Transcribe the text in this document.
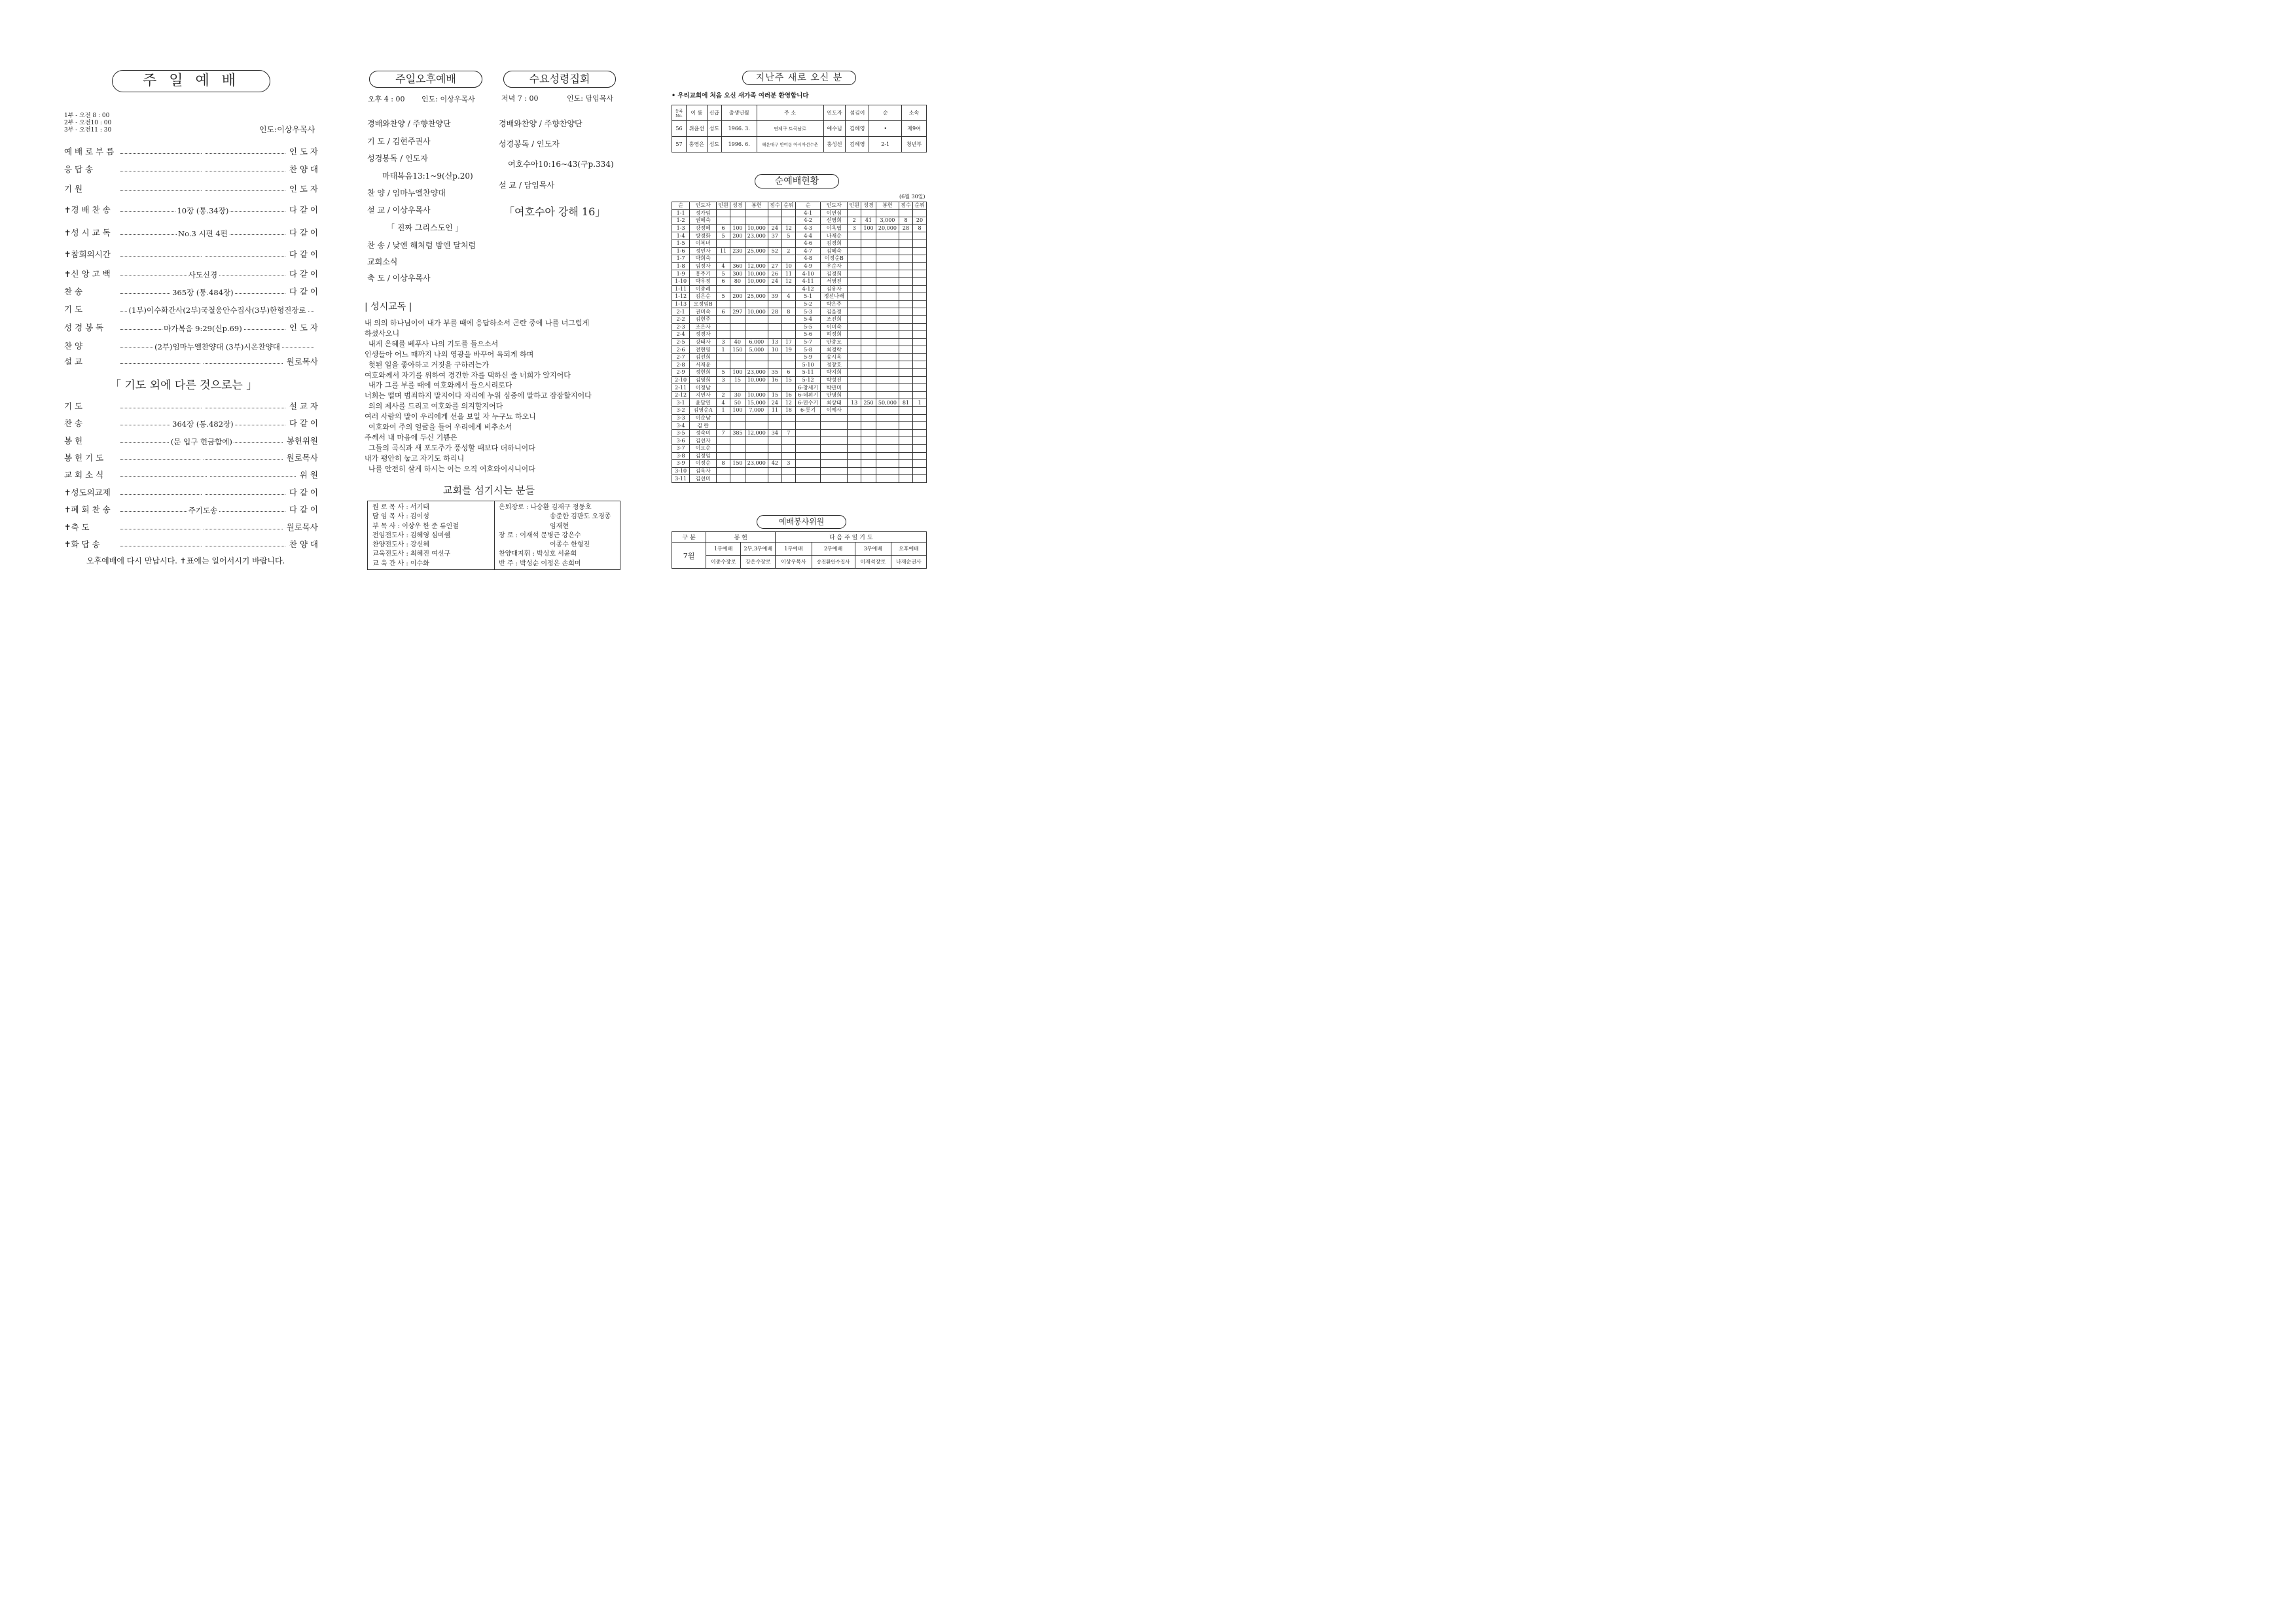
주 일 예 배
1부 - 오전 8 : 00
2부 - 오전10 : 00
3부 - 오전11 : 30	인도:이상우목사
예 배 로 부 름	인 도 자
응 답 송	찬 양 대
기 원	인 도 자
✝경 배 찬 송	10장 (통.34장)	다 같 이
✝성 시 교 독	No.3 시편 4편	다 같 이
✝참회의시간	다 같 이
✝신 앙 고 백	사도신경	다 같 이
찬 송	365장 (통.484장)	다 같 이
기 도	(1부)이수화간사(2부)국철웅안수집사(3부)한형진장로
성 경 봉 독	마가복음 9:29(신p.69)	인 도 자
찬 양	(2부)임마누엘찬양대 (3부)시온찬양대
설 교	원로목사
「 기도 외에 다른 것으로는 」
기 도	설 교 자
찬 송	364장 (통.482장)	다 같 이
봉 헌	(문 입구 헌금함에)	봉헌위원
봉 헌 기 도	원로목사
교 회 소 식	위 원
✝성도의교제	다 같 이
✝폐 회 찬 송	주기도송	다 같 이
✝축 도	원로목사
✝화 답 송	찬 양 대
오후예배에 다시 만납시다. ✝표에는 일어서시기 바랍니다.
주일오후예배	수요성령집회
오후 4 : 00 인도: 이상우목사	저녁 7 : 00	인도: 담임목사
경배와찬양 / 주향찬양단
기 도 / 김현주권사
성경봉독 / 인도자
마태복음13:1~9(신p.20)
찬 양 / 임마누엘찬양대
설 교 / 이상우목사
「 진짜 그리스도인 」
찬 송 / 낮엔 해처럼 밤엔 달처럼
교회소식
축 도 / 이상우목사
경배와찬양 / 주향찬양단
성경봉독 / 인도자
여호수아10:16~43(구p.334)
설 교 / 담임목사
「여호수아 강해 16」
| 성시교독 |
내 의의 하나님이여 내가 부를 때에 응답하소서 곤란 중에 나를 너그럽게
하셨사오니
내게 은혜를 베푸사 나의 기도를 들으소서
인생들아 어느 때까지 나의 영광을 바꾸어 욕되게 하며
헛된 일을 좋아하고 거짓을 구하려는가
여호와께서 자기를 위하여 경건한 자를 택하신 줄 너희가 알지어다
내가 그를 부를 때에 여호와께서 들으시리로다
너희는 떨며 범죄하지 말지어다 자리에 누워 심중에 말하고 잠잠할지어다
의의 제사를 드리고 여호와를 의지할지어다
여러 사람의 말이 우리에게 선을 보일 자 누구뇨 하오니
여호와여 주의 얼굴을 들어 우리에게 비추소서
주께서 내 마음에 두신 기쁨은
그들의 곡식과 새 포도주가 풍성할 때보다 더하니이다
내가 평안히 눕고 자기도 하리니
나를 안전히 살게 하시는 이는 오직 여호와이시니이다
교회를 섬기시는 분들
원 로 목 사 : 서기태
담 임 목 사 : 김이성
부 목 사 : 이상우 한 준 류인철
전임전도사 : 김혜영 심미쉘
찬양전도사 : 강신혜
교육전도사 : 최혜진 여선구
교 육 간 사 : 이수화
은퇴장로 : 나승환 김재구 정동호
송준한 김판도 오경종
임재현
장 로 : 이재석 문병근 강은수
이종수 한형진
찬양대지휘 : 박성호 서윤희
반 주 : 박성순 이정은 손희미
지난주 새로 오신 분
• 우리교회에 처음 오신 새가족 여러분 환영합니다
등록No.	이 름	신급	출생년월	주 소	인도자	섬김이	순	소속
56	위윤선	성도	1966. 3.	연제구 토곡남로	예수님	김혜영	•	제9여
57	홍영은	성도	1996. 6.	해운대구 반여동 아시아선수촌	홍성선	김혜영	2-1	청년부
순예배현황
(6월 30일)
순	인도자	인원	성경	봉헌	점수	순위	순	인도자	인원	성경	봉헌	점수	순위
1-1	정가임						4-1	이연심					
1-2	권혜숙						4-2	신영희	2	41	3,000	8	20
1-3	강정혜	6	100	10,000	24	12	4-3	이옥엽	3	100	20,000	28	8
1-4	방경화	5	200	23,000	37	5	4-4	나재순					
1-5	이복녀						4-6	김경희					
1-6	정인자	11	230	25,000	52	2	4-7	김혜숙					
1-7	박희숙						4-8	이정순B					
1-8	임정자	4	360	12,000	27	10	4-9	우순자					
1-9	홍주기	5	300	10,000	26	11	4-10	김경희					
1-10	박우정	6	80	10,000	24	12	4-11	서영진					
1-11	이종례						4-12	김유자					
1-12	김은순	5	200	25,000	39	4	5-1	정선나래					
1-13	오정임B						5-2	박은주					
2-1	권미숙	6	297	10,000	28	8	5-3	김을경					
2-2	김현주						5-4	조진희					
2-3	조은자						5-5	이미숙					
2-4	정경자						5-6	허정희					
2-5	강태자	3	40	6,000	13	17	5-7	안종모					
2-6	전현영	1	150	5,000	10	19	5-8	최경락					
2-7	김선희						5-9	송시옥					
2-8	서재윤						5-10	정창호					
2-9	정현희	5	100	23,000	35	6	5-11	박지희					
2-10	김영희	3	15	10,000	16	15	5-12	박성진					
2-11	이정남						6-창세기	박관미					
2-12	지연자	2	30	10,000	15	16	6-데위기	안명희					
3-1	윤달연	4	50	15,000	24	12	6-민수기	최상태	13	250	50,000	81	1
3-2	김영순A	1	100	7,000	11	18	6-롯기	이예사					
3-3	이순남												
3-4	김 란												
3-5	정숙미	7	385	12,000	34	7							
3-6	김선자												
3-7	이오순												
3-8	김정임												
3-9	이정순	8	150	23,000	42	3							
3-10	김옥자												
3-11	김선미												
예배봉사위원
구 분	봉 헌		다 음 주 일 기 도			
7월	1부예배	2부,3부예배	1부예배	2부예배	3부예배	오후예배
	이종수장로	강은수장로	이상우목사	송진환안수집사	이재석장로	나재순권사
